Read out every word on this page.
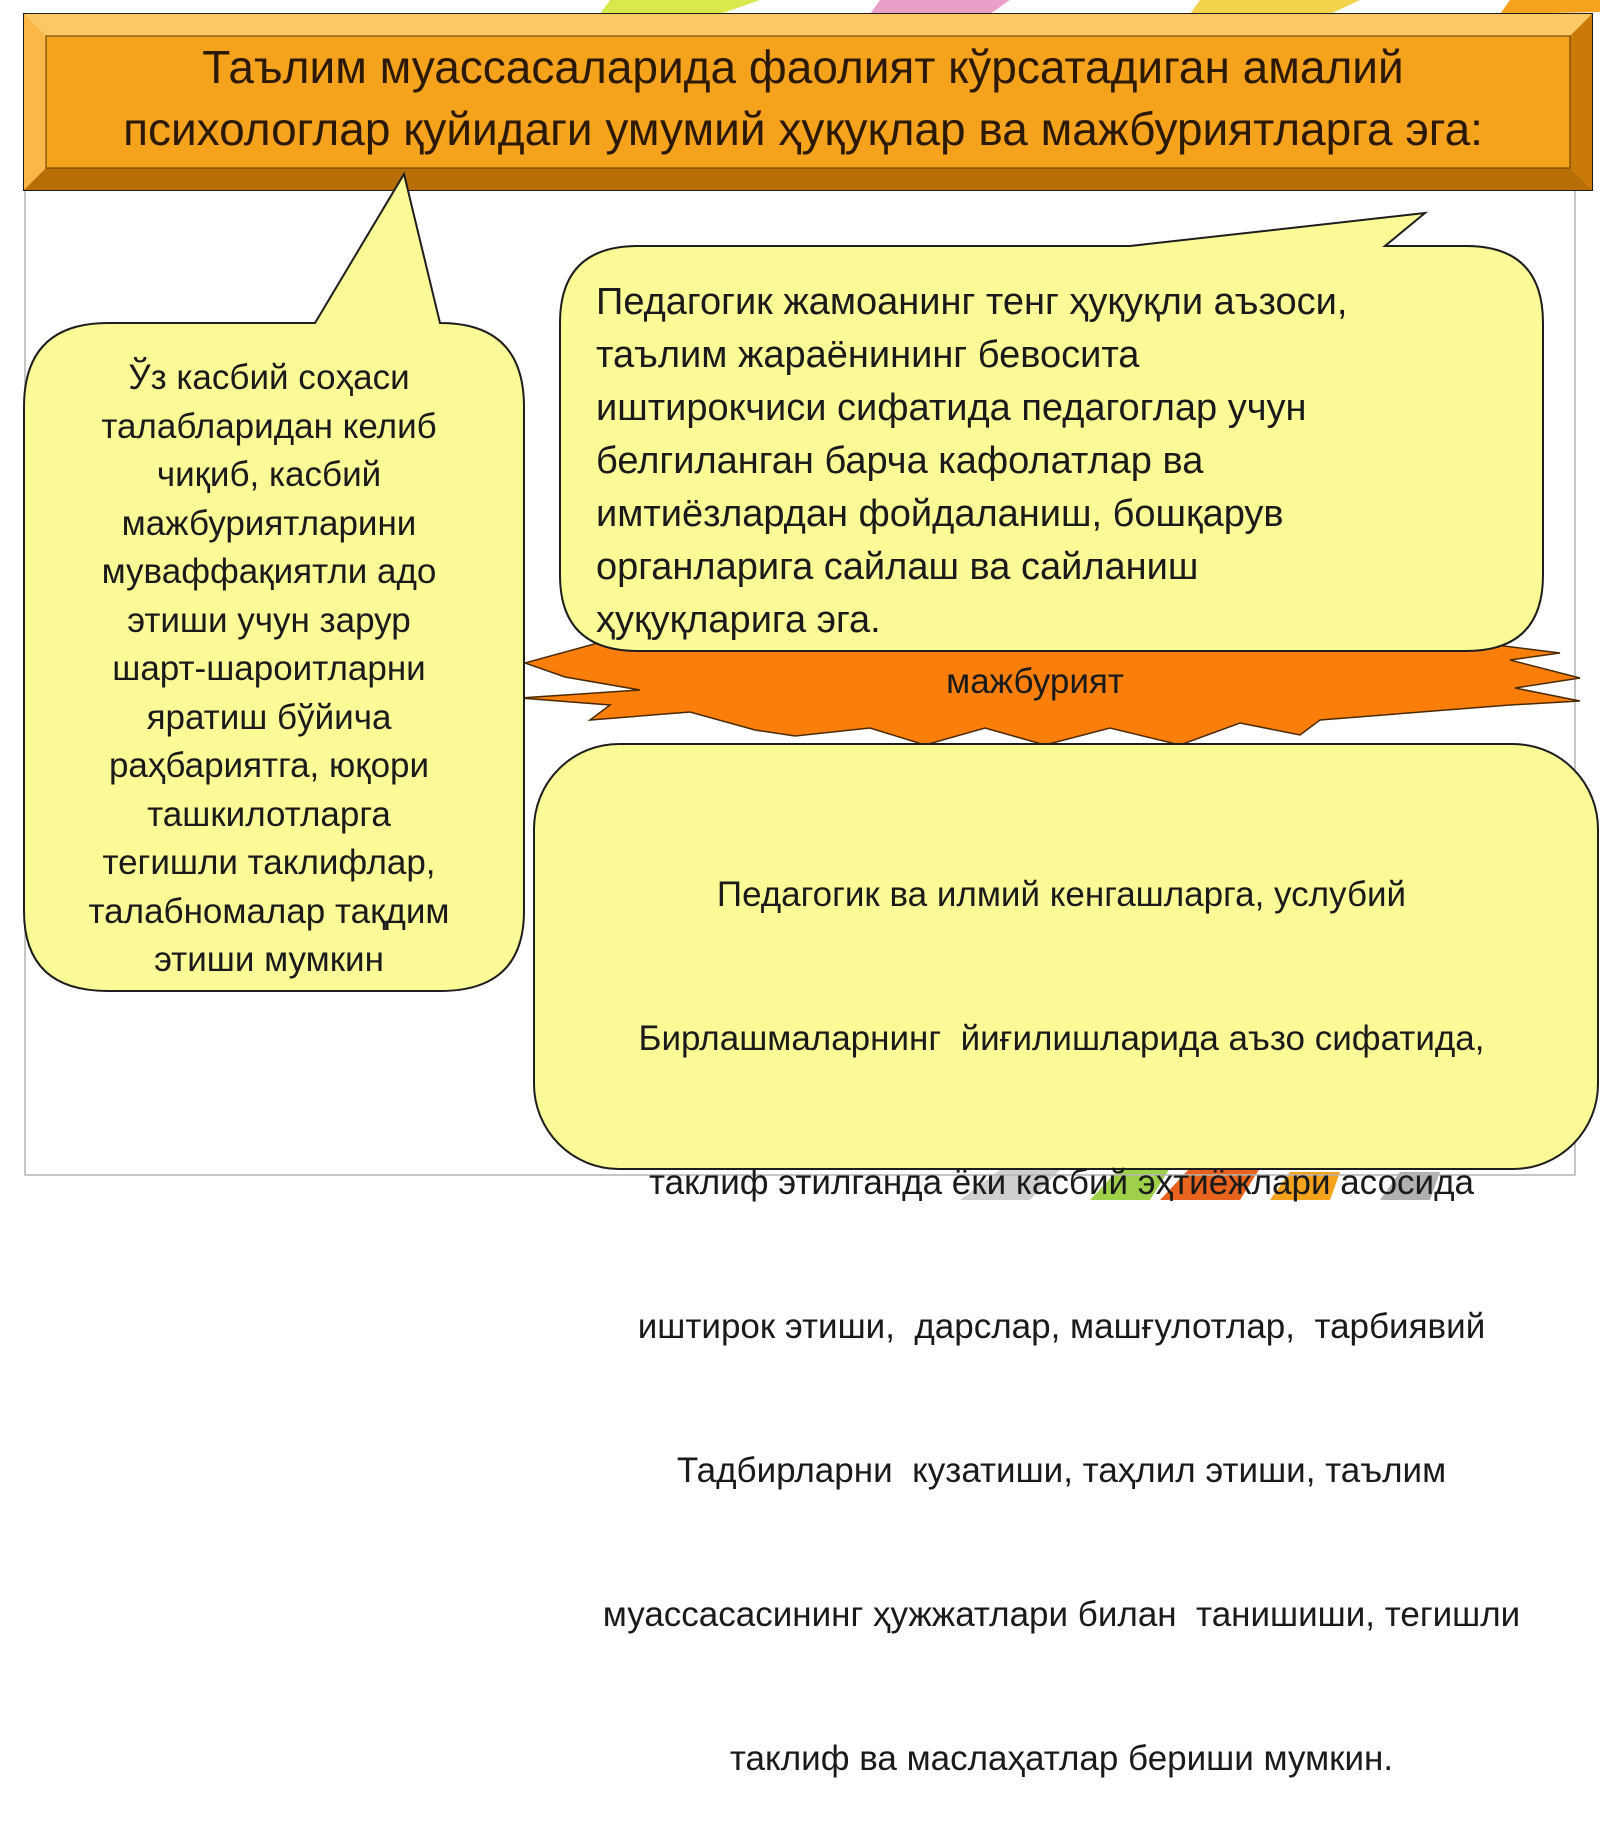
Таълим муассасаларида фаолият кўрсатадиган амалий
психологлар қуйидаги умумий ҳуқуқлар ва мажбуриятларга эга:
Ўз касбий соҳаси
талабларидан келиб
чиқиб, касбий
мажбуриятларини
муваффақиятли адо
этиши учун зарур
шарт-шароитларни
яратиш бўйича
раҳбариятга, юқори
ташкилотларга
тегишли таклифлар,
талабномалар тақдим
этиши мумкин
Педагогик жамоанинг тенг ҳуқуқли аъзоси,
таълим жараёнининг бевосита
иштирокчиси сифатида педагоглар учун
белгиланган барча кафолатлар ва
имтиёзлардан фойдаланиш, бошқарув
органларига сайлаш ва сайланиш
ҳуқуқларига эга.
мажбурият

Педагогик ва илмий кенгашларга, услубий

Бирлашмаларнинг  йиғилишларида аъзо сифатида,

таклиф этилганда ёки касбий эҳтиёжлари асосида

иштирок этиши,  дарслар, машғулотлар,  тарбиявий

Тадбирларни  кузатиши, таҳлил этиши, таълим

муассасасининг ҳужжатлари билан  танишиши, тегишли

таклиф ва маслаҳатлар бериши мумкин.
